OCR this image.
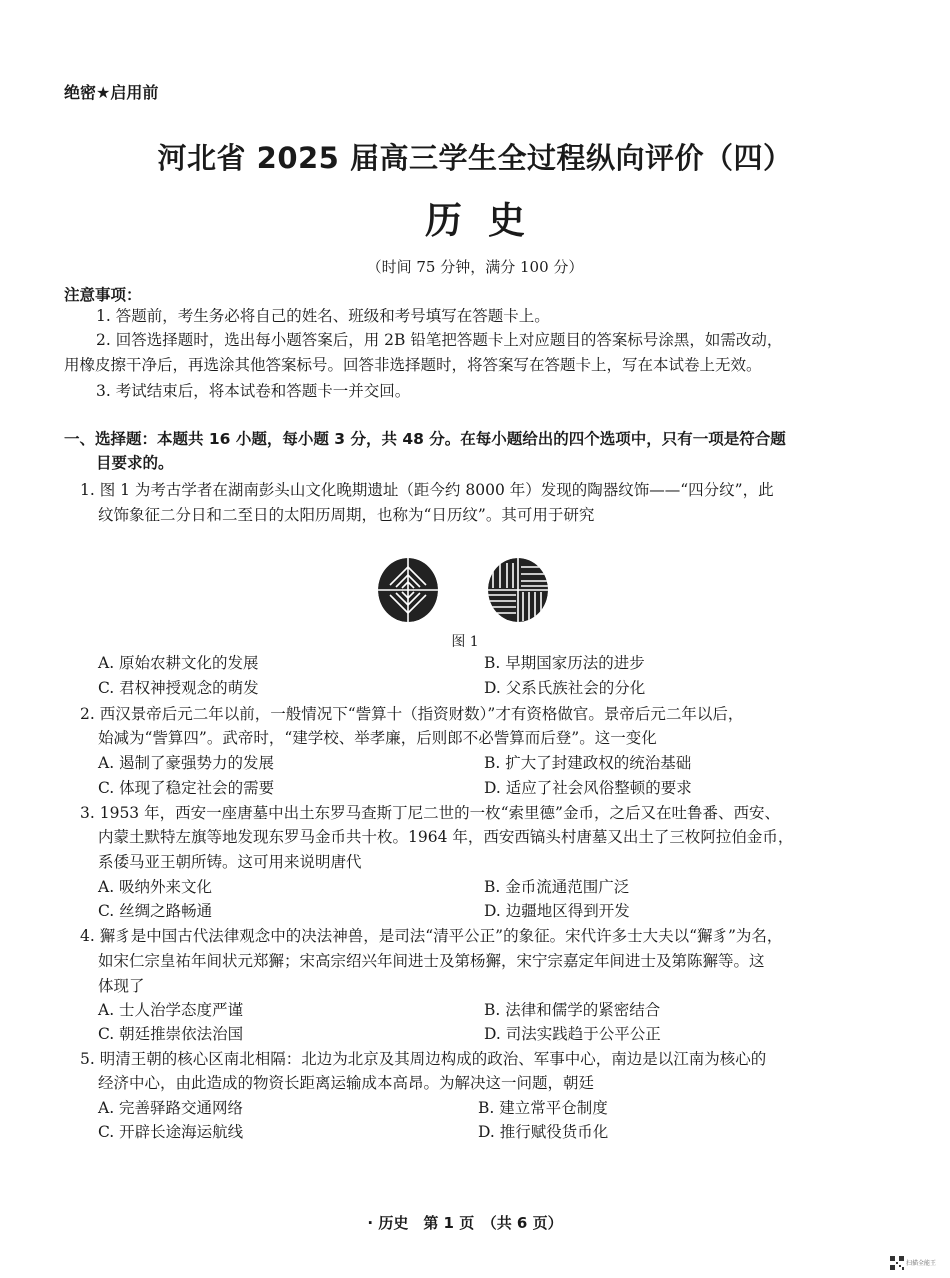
绝密★启用前
河北省 2025 届高三学生全过程纵向评价（四）
历史
（时间 75 分钟，满分 100 分）
注意事项：
1. 答题前，考生务必将自己的姓名、班级和考号填写在答题卡上。
2. 回答选择题时，选出每小题答案后，用 2B 铅笔把答题卡上对应题目的答案标号涂黑，如需改动，
用橡皮擦干净后，再选涂其他答案标号。回答非选择题时，将答案写在答题卡上，写在本试卷上无效。
3. 考试结束后，将本试卷和答题卡一并交回。
一、选择题：本题共 16 小题，每小题 3 分，共 48 分。在每小题给出的四个选项中，只有一项是符合题
目要求的。
1. 图 1 为考古学者在湖南彭头山文化晚期遗址（距今约 8000 年）发现的陶器纹饰——“四分纹”，此
纹饰象征二分日和二至日的太阳历周期，也称为“日历纹”。其可用于研究
图 1
A. 原始农耕文化的发展	B. 早期国家历法的进步
C. 君权神授观念的萌发	D. 父系氏族社会的分化
2. 西汉景帝后元二年以前，一般情况下“訾算十（指资财数）”才有资格做官。景帝后元二年以后，
始减为“訾算四”。武帝时，“建学校、举孝廉，后则郎不必訾算而后登”。这一变化
A. 遏制了豪强势力的发展	B. 扩大了封建政权的统治基础
C. 体现了稳定社会的需要	D. 适应了社会风俗整顿的要求
3. 1953 年，西安一座唐墓中出土东罗马查斯丁尼二世的一枚“索里德”金币，之后又在吐鲁番、西安、
内蒙土默特左旗等地发现东罗马金币共十枚。1964 年，西安西镐头村唐墓又出土了三枚阿拉伯金币，
系倭马亚王朝所铸。这可用来说明唐代
A. 吸纳外来文化	B. 金币流通范围广泛
C. 丝绸之路畅通	D. 边疆地区得到开发
4. 獬豸是中国古代法律观念中的决法神兽，是司法“清平公正”的象征。宋代许多士大夫以“獬豸”为名，
如宋仁宗皇祐年间状元郑獬；宋高宗绍兴年间进士及第杨獬，宋宁宗嘉定年间进士及第陈獬等。这
体现了
A. 士人治学态度严谨	B. 法律和儒学的紧密结合
C. 朝廷推崇依法治国	D. 司法实践趋于公平公正
5. 明清王朝的核心区南北相隔：北边为北京及其周边构成的政治、军事中心，南边是以江南为核心的
经济中心，由此造成的物资长距离运输成本高昂。为解决这一问题，朝廷
A. 完善驿路交通网络	B. 建立常平仓制度
C. 开辟长途海运航线	D. 推行赋役货币化
· 历史　第 1 页　（共 6 页）
扫描全能王
